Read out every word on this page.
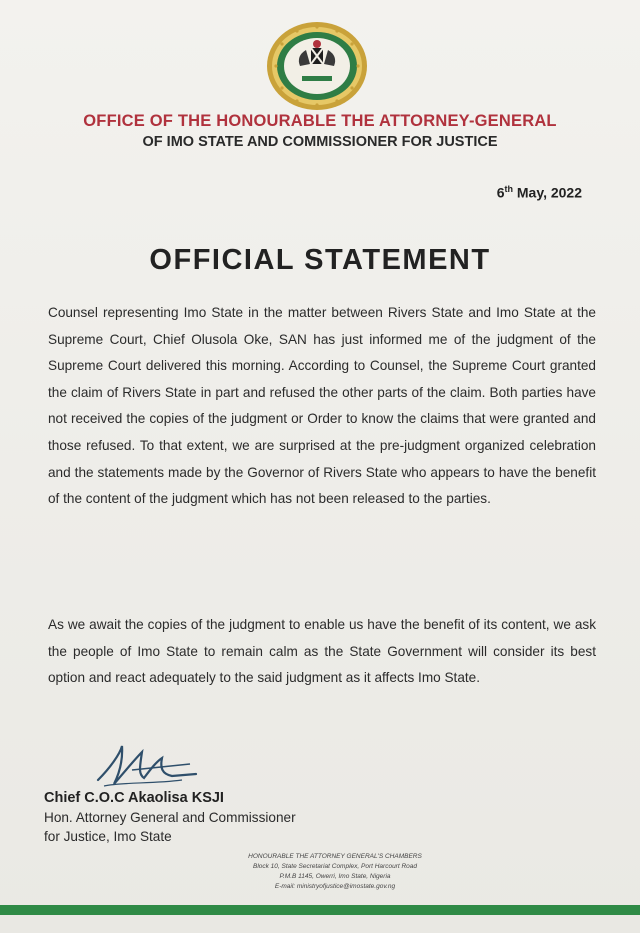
OFFICE OF THE HONOURABLE THE ATTORNEY-GENERAL
OF IMO STATE AND COMMISSIONER FOR JUSTICE
6th May, 2022
OFFICIAL STATEMENT
Counsel representing Imo State in the matter between Rivers State and Imo State at the Supreme Court, Chief Olusola Oke, SAN has just informed me of the judgment of the Supreme Court delivered this morning. According to Counsel, the Supreme Court granted the claim of Rivers State in part and refused the other parts of the claim. Both parties have not received the copies of the judgment or Order to know the claims that were granted and those refused. To that extent, we are surprised at the pre-judgment organized celebration and the statements made by the Governor of Rivers State who appears to have the benefit of the content of the judgment which has not been released to the parties.
As we await the copies of the judgment to enable us have the benefit of its content, we ask the people of Imo State to remain calm as the State Government will consider its best option and react adequately to the said judgment as it affects Imo State.
Chief C.O.C Akaolisa KSJI
Hon. Attorney General and Commissioner
for Justice, Imo State
HONOURABLE THE ATTORNEY GENERAL'S CHAMBERS
Block 10, State Secretariat Complex, Port Harcourt Road
P.M.B 1145, Owerri, Imo State, Nigeria
E-mail: ministryofjustice@imostate.gov.ng
